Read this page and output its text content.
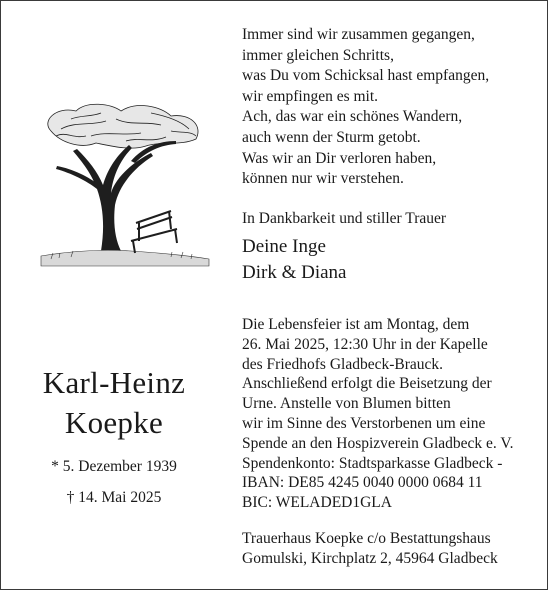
Immer sind wir zusammen gegangen,
immer gleichen Schritts,
was Du vom Schicksal hast empfangen,
wir empfingen es mit.
Ach, das war ein schönes Wandern,
auch wenn der Sturm getobt.
Was wir an Dir verloren haben,
können nur wir verstehen.
In Dankbarkeit und stiller Trauer
Deine Inge
Dirk & Diana
Die Lebensfeier ist am Montag, dem
26. Mai 2025, 12:30 Uhr in der Kapelle
des Friedhofs Gladbeck-Brauck.
Anschließend erfolgt die Beisetzung der
Urne. Anstelle von Blumen bitten
wir im Sinne des Verstorbenen um eine
Spende an den Hospizverein Gladbeck e. V.
Spendenkonto: Stadtsparkasse Gladbeck -
IBAN: DE85 4245 0040 0000 0684 11
BIC: WELADED1GLA
Trauerhaus Koepke c/o Bestattungshaus
Gomulski, Kirchplatz 2, 45964 Gladbeck
Karl-Heinz
Koepke
* 5. Dezember 1939
† 14. Mai 2025
